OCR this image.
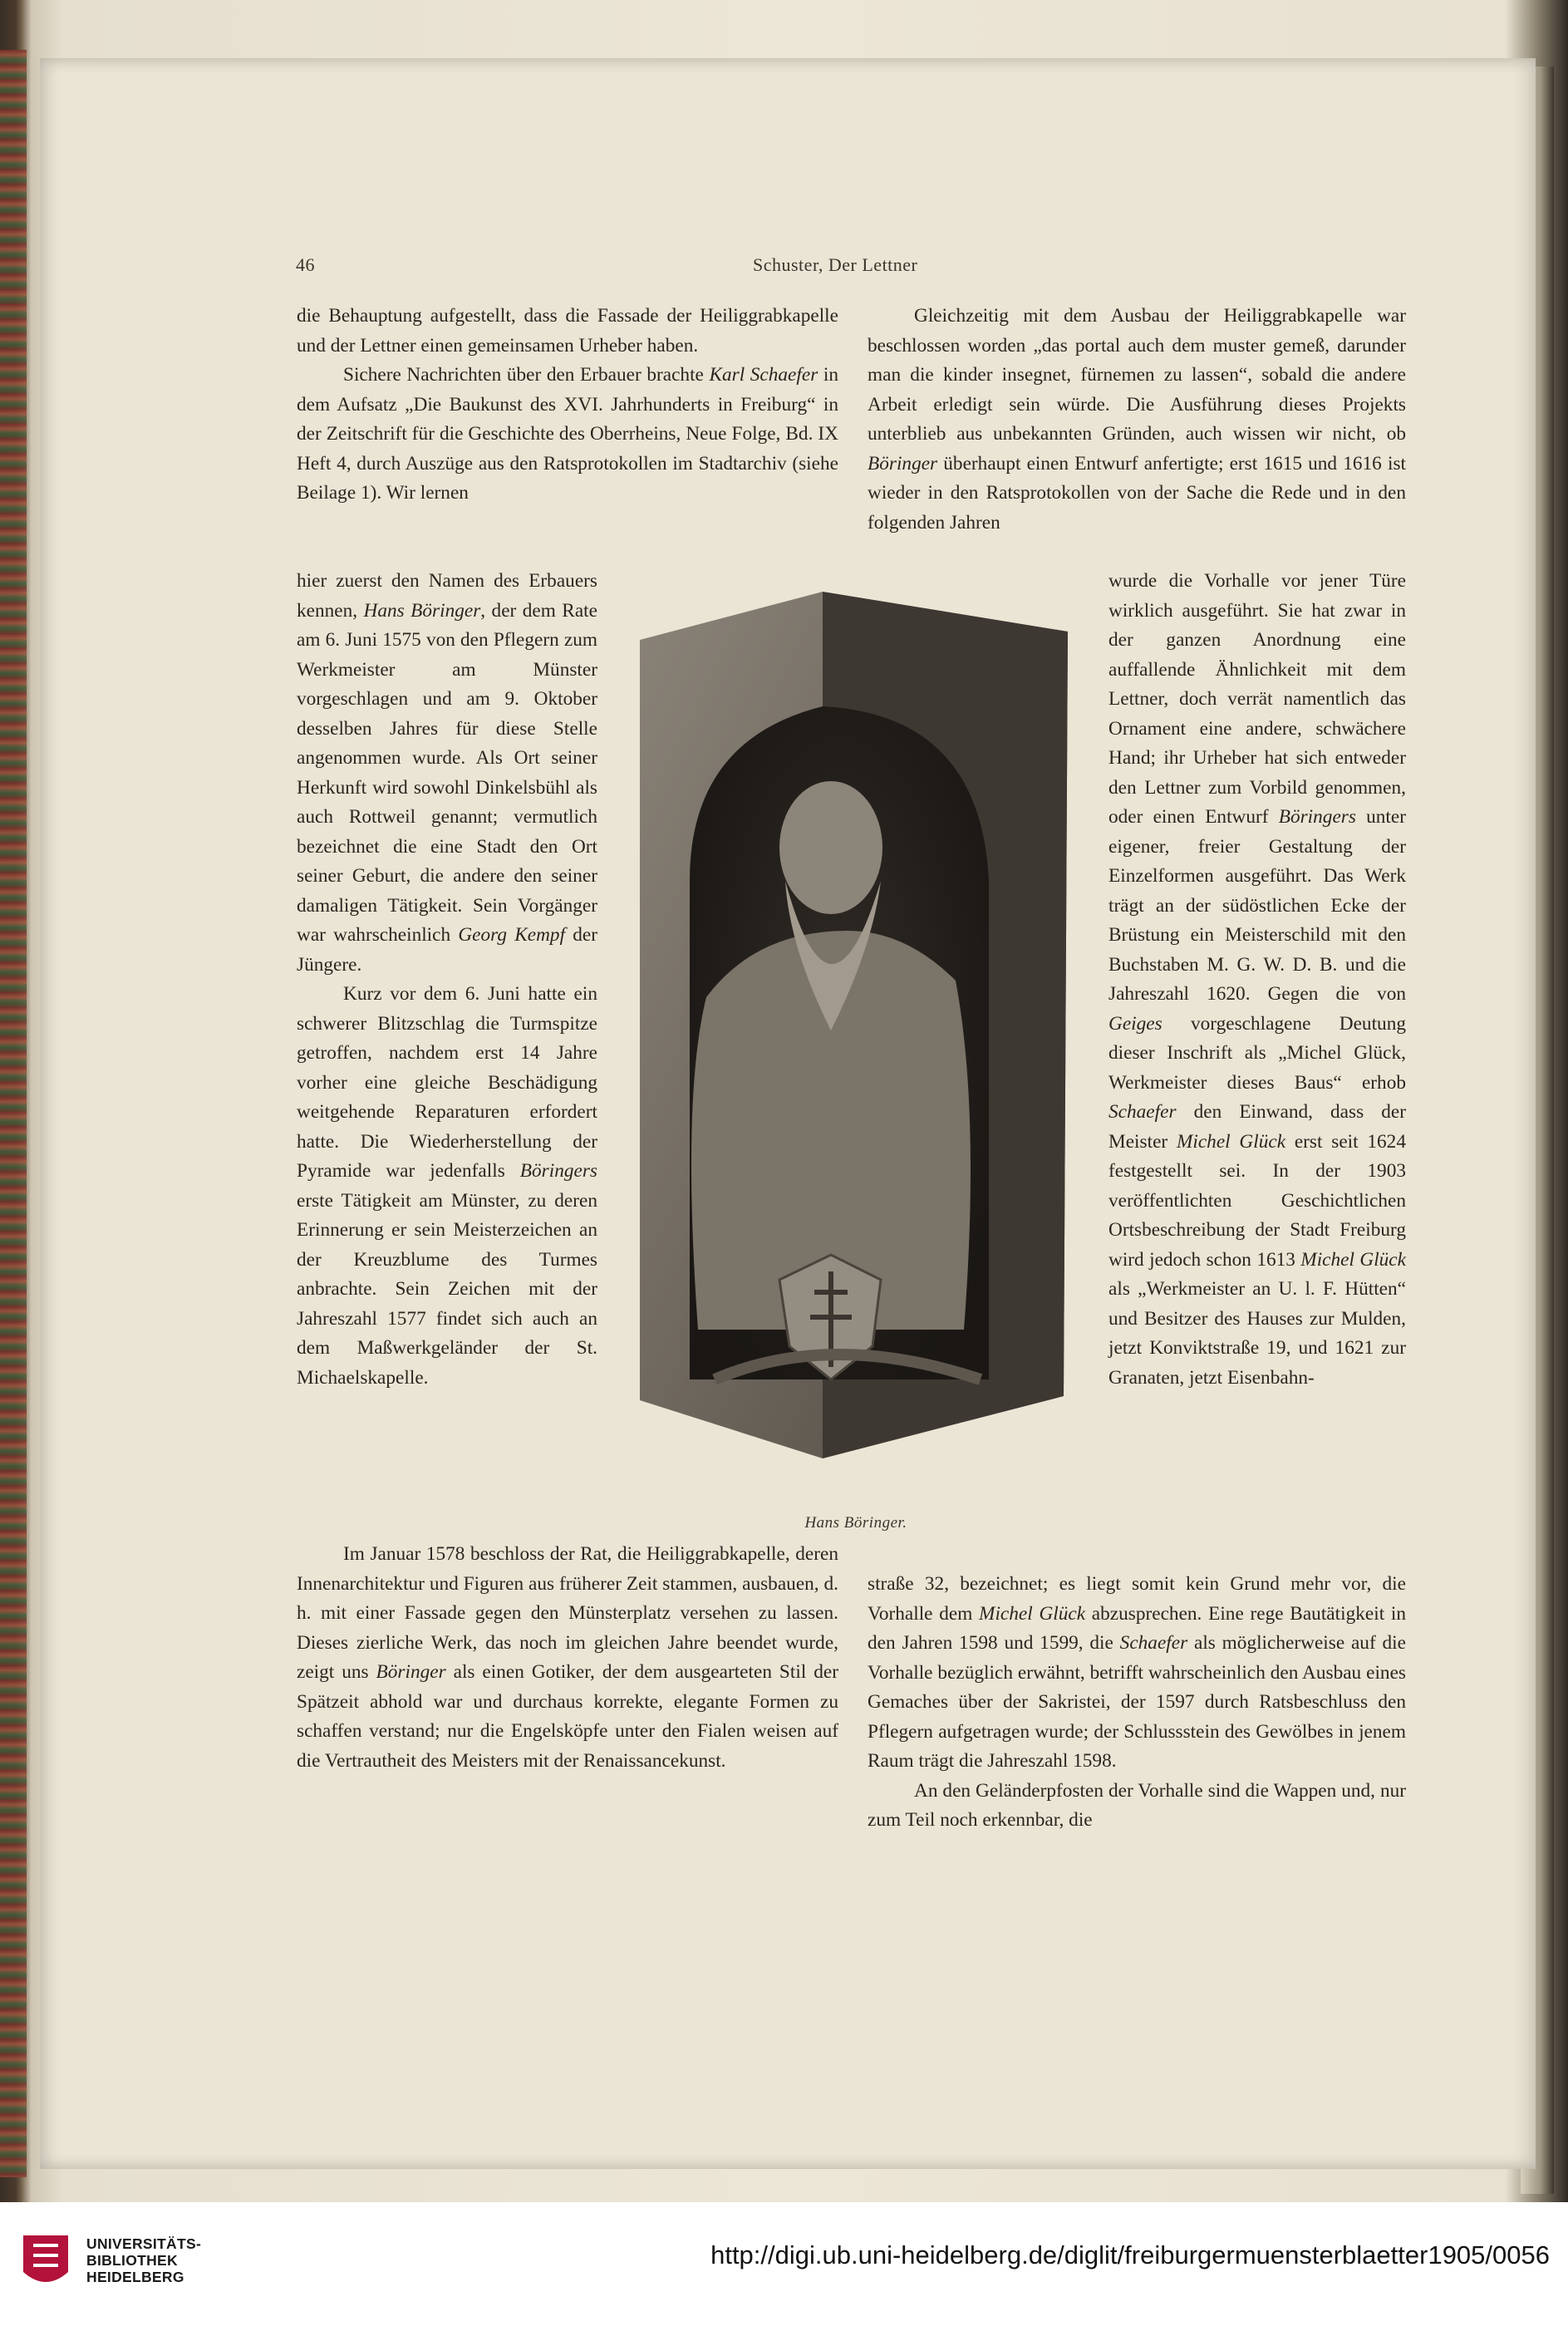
46	Schuster, Der Lettner

die Behauptung aufgestellt, dass die Fassade der Heiliggrabkapelle und der Lettner einen gemeinsamen Urheber haben.

Sichere Nachrichten über den Erbauer brachte Karl Schaefer in dem Aufsatz „Die Baukunst des XVI. Jahrhunderts in Freiburg“ in der Zeitschrift für die Geschichte des Oberrheins, Neue Folge, Bd. IX Heft 4, durch Auszüge aus den Ratsprotokollen im Stadtarchiv (siehe Beilage 1). Wir lernen

hier zuerst den Namen des Erbauers kennen, Hans Böringer, der dem Rate am 6. Juni 1575 von den Pflegern zum Werkmeister am Münster vorgeschlagen und am 9. Oktober desselben Jahres für diese Stelle angenommen wurde. Als Ort seiner Herkunft wird sowohl Dinkelsbühl als auch Rottweil genannt; vermutlich bezeichnet die eine Stadt den Ort seiner Geburt, die andere den seiner damaligen Tätigkeit. Sein Vorgänger war wahrscheinlich Georg Kempf der Jüngere.

Kurz vor dem 6. Juni hatte ein schwerer Blitzschlag die Turmspitze getroffen, nachdem erst 14 Jahre vorher eine gleiche Beschädigung weitgehende Reparaturen erfordert hatte. Die Wiederherstellung der Pyramide war jedenfalls Böringers erste Tätigkeit am Münster, zu deren Erinnerung er sein Meisterzeichen an der Kreuzblume des Turmes anbrachte. Sein Zeichen mit der Jahreszahl 1577 findet sich auch an dem Maßwerkgeländer der St. Michaelskapelle.

Im Januar 1578 beschloss der Rat, die Heiliggrabkapelle, deren Innenarchitektur und Figuren aus früherer Zeit stammen, ausbauen, d. h. mit einer Fassade gegen den Münsterplatz versehen zu lassen. Dieses zierliche Werk, das noch im gleichen Jahre beendet wurde, zeigt uns Böringer als einen Gotiker, der dem ausgearteten Stil der Spätzeit abhold war und durchaus korrekte, elegante Formen zu schaffen verstand; nur die Engelsköpfe unter den Fialen weisen auf die Vertrautheit des Meisters mit der Renaissancekunst.

Gleichzeitig mit dem Ausbau der Heiliggrabkapelle war beschlossen worden „das portal auch dem muster gemeß, darunder man die kinder insegnet, fürnemen zu lassen“, sobald die andere Arbeit erledigt sein würde. Die Ausführung dieses Projekts unterblieb aus unbekannten Gründen, auch wissen wir nicht, ob Böringer überhaupt einen Entwurf anfertigte; erst 1615 und 1616 ist wieder in den Ratsprotokollen von der Sache die Rede und in den folgenden Jahren

wurde die Vorhalle vor jener Türe wirklich ausgeführt. Sie hat zwar in der ganzen Anordnung eine auffallende Ähnlichkeit mit dem Lettner, doch verrät namentlich das Ornament eine andere, schwächere Hand; ihr Urheber hat sich entweder den Lettner zum Vorbild genommen, oder einen Entwurf Böringers unter eigener, freier Gestaltung der Einzelformen ausgeführt. Das Werk trägt an der südöstlichen Ecke der Brüstung ein Meisterschild mit den Buchstaben M. G. W. D. B. und die Jahreszahl 1620. Gegen die von Geiges vorgeschlagene Deutung dieser Inschrift als „Michel Glück, Werkmeister dieses Baus“ erhob Schaefer den Einwand, dass der Meister Michel Glück erst seit 1624 festgestellt sei. In der 1903 veröffentlichten Geschichtlichen Ortsbeschreibung der Stadt Freiburg wird jedoch schon 1613 Michel Glück als „Werkmeister an U. l. F. Hütten“ und Besitzer des Hauses zur Mulden, jetzt Konviktstraße 19, und 1621 zur Granaten, jetzt Eisenbahn-

straße 32, bezeichnet; es liegt somit kein Grund mehr vor, die Vorhalle dem Michel Glück abzusprechen. Eine rege Bautätigkeit in den Jahren 1598 und 1599, die Schaefer als möglicherweise auf die Vorhalle bezüglich erwähnt, betrifft wahrscheinlich den Ausbau eines Gemaches über der Sakristei, der 1597 durch Ratsbeschluss den Pflegern aufgetragen wurde; der Schlussstein des Gewölbes in jenem Raum trägt die Jahreszahl 1598.

An den Geländerpfosten der Vorhalle sind die Wappen und, nur zum Teil noch erkennbar, die

Hans Böringer.
UNIVERSITÄTS-
BIBLIOTHEK
HEIDELBERG
http://digi.ub.uni-heidelberg.de/diglit/freiburgermuensterblaetter1905/0056
